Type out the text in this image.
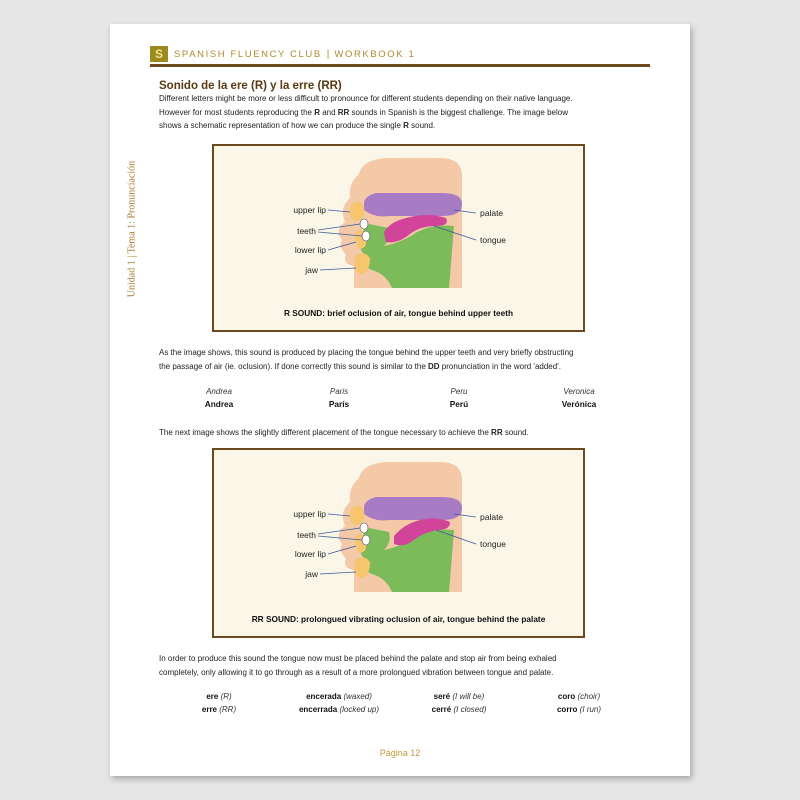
S	SPANISH FLUENCY CLUB | WORKBOOK 1
Unidad 1 | Tema 1: Pronunciación
Sonido de la ere (R) y la erre (RR)

Different letters might be more or less difficult to pronounce for different students depending on their native language.

However for most students reproducing the R and RR sounds in Spanish is the biggest challenge. The image below

shows a schematic representation of how we can produce the single R sound.

upper lip
teeth
lower lip
jaw
palate
tongue
R SOUND: brief oclusion of air, tongue behind upper teeth

As the image shows, this sound is produced by placing the tongue behind the upper teeth and very briefly obstructing

the passage of air (ie. oclusion). If done correctly this sound is similar to the DD pronunciation in the word 'added'.

Andrea
Andrea
Paris
París
Peru
Perú
Veronica
Verónica

The next image shows the slightly different placement of the tongue necessary to achieve the RR sound.

upper lip
teeth
lower lip
jaw
palate
tongue
RR SOUND: prolongued vibrating oclusion of air, tongue behind the palate

In order to produce this sound the tongue now must be placed behind the palate and stop air from being exhaled

completely, only allowing it to go through as a result of a more prolongued vibration between tongue and palate.

ere (R)
erre (RR)
encerada (waxed)
encerrada (locked up)
seré (I will be)
cerré (I closed)
coro (choir)
corro (I run)
Página 12
